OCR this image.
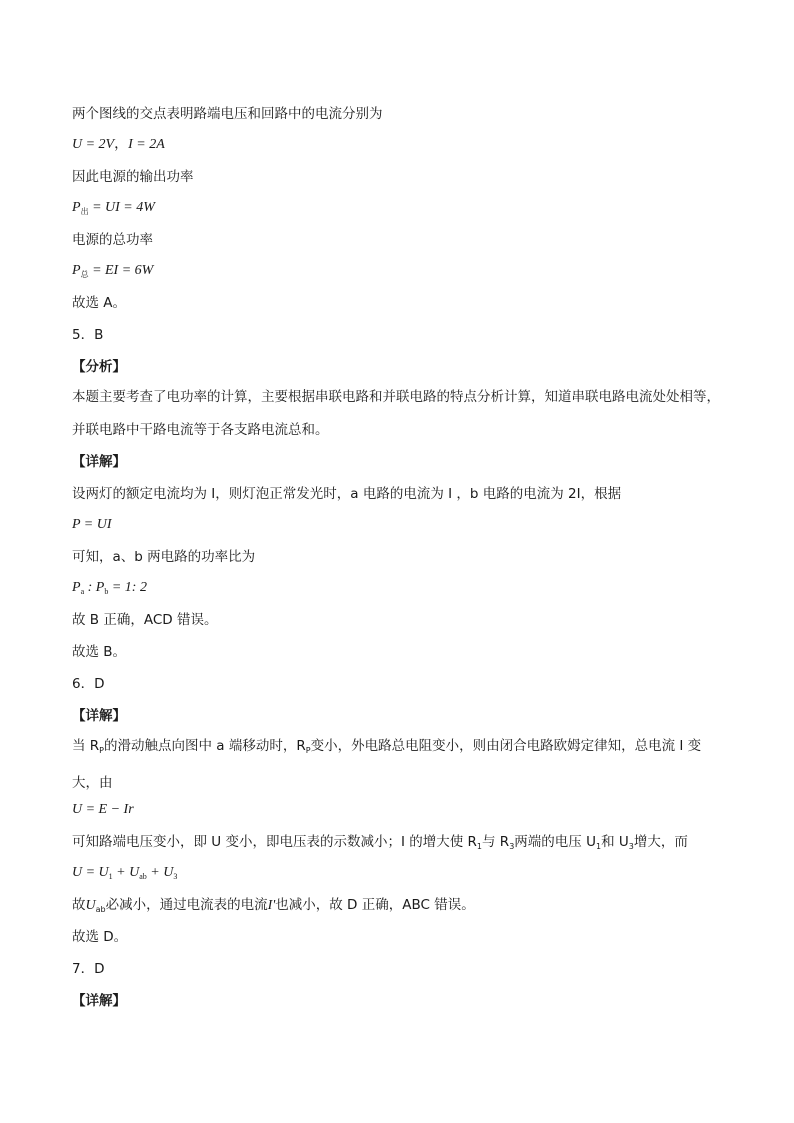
两个图线的交点表明路端电压和回路中的电流分别为
U = 2V，I = 2A
因此电源的输出功率
$P_出$ = UI = 4W
电源的总功率
$P_总$ = EI = 6W
故选 A。
5．B
【分析】
本题主要考查了电功率的计算，主要根据串联电路和并联电路的特点分析计算，知道串联电路电流处处相等，并联电路中干路电流等于各支路电流总和。
【详解】
设两灯的额定电流均为 I，则灯泡正常发光时，a 电路的电流为 I ，b 电路的电流为 2I，根据
P = UI
可知，a、b 两电路的功率比为
$P_a$ : $P_b = 1$: 2
故 B 正确，ACD 错误。
故选 B。
6．D
【详解】
当 $R_P$的滑动触点向图中 a 端移动时，$R_P$变小，外电路总电阻变小，则由闭合电路欧姆定律知，总电流 I 变大，由
U = E − Ir
可知路端电压变小，即 U 变小，即电压表的示数减小；I 的增大使 $R_1$与 $R_3$两端的电压 $U_1$和 $U_3$增大，而
$U = U_1 + U_{ab} + U_3$
故$U_{ab}$必减小，通过电流表的电流I'也减小，故 D 正确，ABC 错误。
故选 D。
7．D
【详解】
